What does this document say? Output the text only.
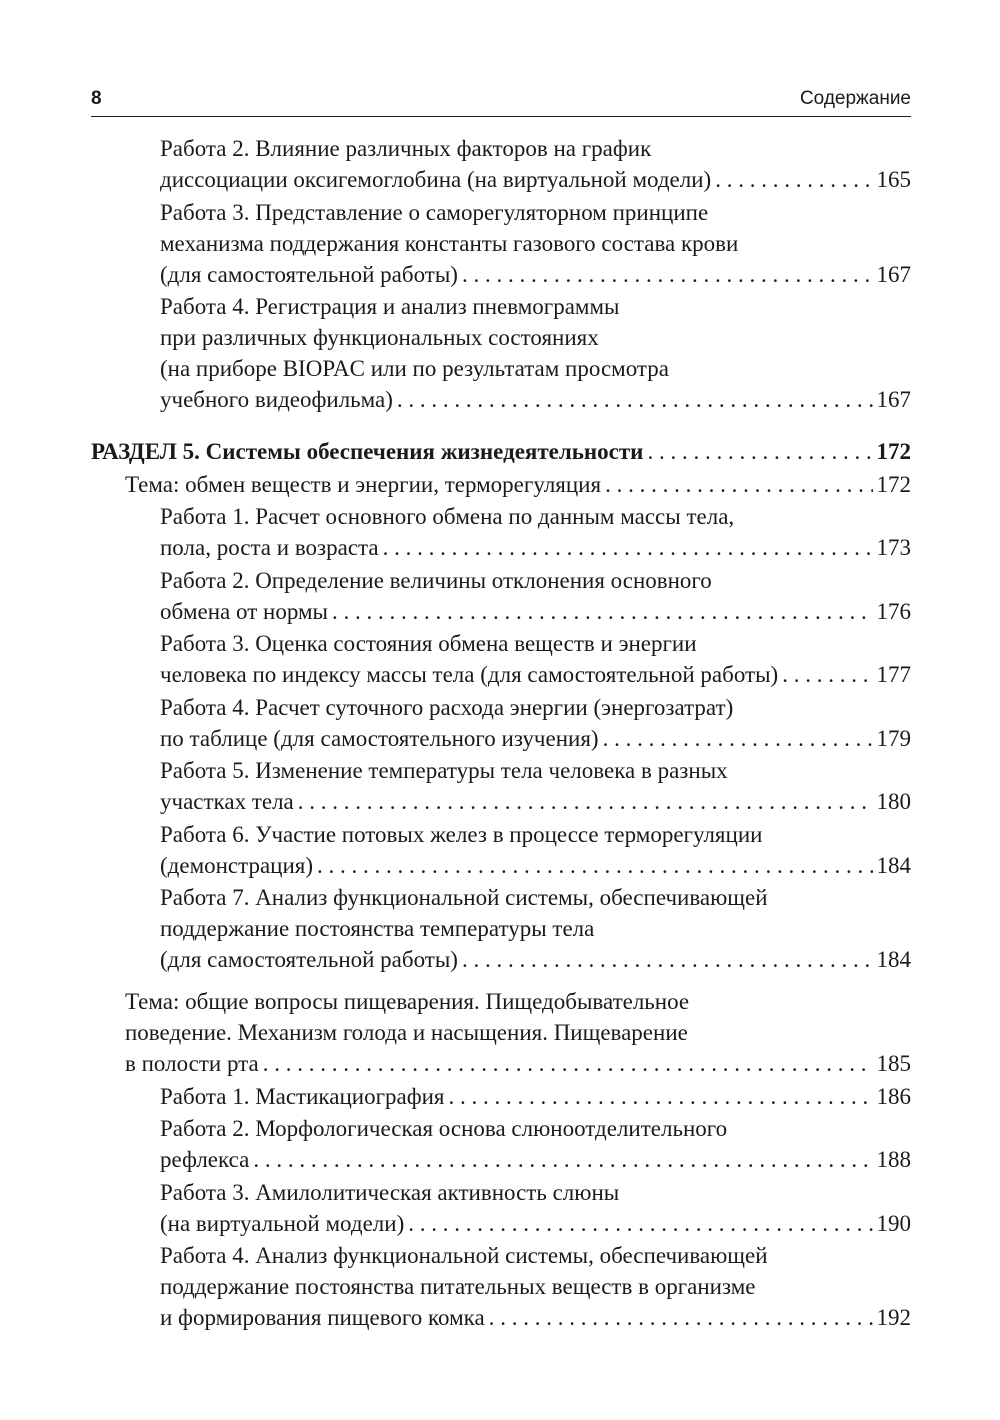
8	Содержание
Работа 2. Влияние различных факторов на график
диссоциации оксигемоглобина (на виртуальной модели) . . .	165
Работа 3. Представление о саморегуляторном принципе
механизма поддержания константы газового состава крови
(для самостоятельной работы) . . .	167
Работа 4. Регистрация и анализ пневмограммы
при различных функциональных состояниях
(на приборе BIOPAC или по результатам просмотра
учебного видеофильма) . . .	167
РАЗДЕЛ 5. Системы обеспечения жизнедеятельности . . .	172
Тема: обмен веществ и энергии, терморегуляция . . .	172
Работа 1. Расчет основного обмена по данным массы тела,
пола, роста и возраста . . .	173
Работа 2. Определение величины отклонения основного
обмена от нормы . . .	176
Работа 3. Оценка состояния обмена веществ и энергии
человека по индексу массы тела (для самостоятельной работы) . . .	177
Работа 4. Расчет суточного расхода энергии (энергозатрат)
по таблице (для самостоятельного изучения) . . .	179
Работа 5. Изменение температуры тела человека в разных
участках тела . . .	180
Работа 6. Участие потовых желез в процессе терморегуляции
(демонстрация) . . .	184
Работа 7. Анализ функциональной системы, обеспечивающей
поддержание постоянства температуры тела
(для самостоятельной работы) . . .	184
Тема: общие вопросы пищеварения. Пищедобывательное
поведение. Механизм голода и насыщения. Пищеварение
в полости рта . . .	185
Работа 1. Мастикациография . . .	186
Работа 2. Морфологическая основа слюноотделительного
рефлекса . . .	188
Работа 3. Амилолитическая активность слюны
(на виртуальной модели) . . .	190
Работа 4. Анализ функциональной системы, обеспечивающей
поддержание постоянства питательных веществ в организме
и формирования пищевого комка . . .	192
